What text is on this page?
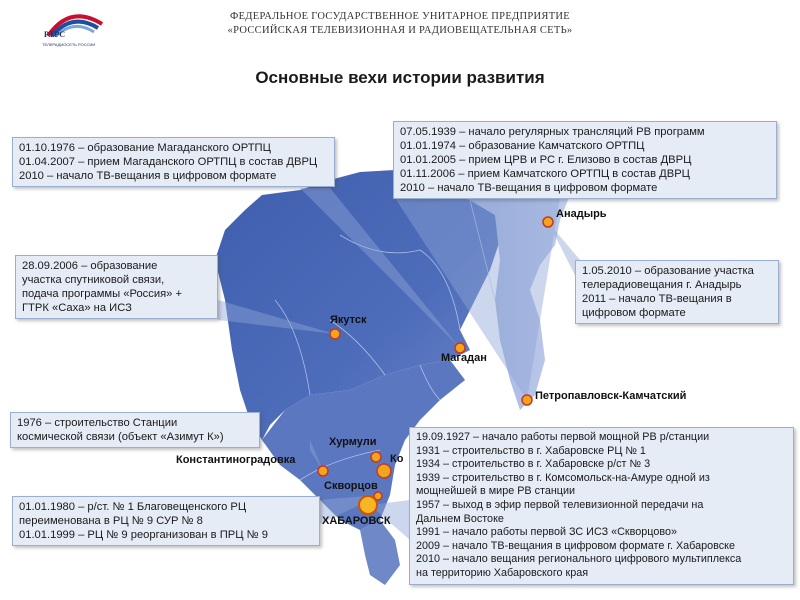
РТРС
ТЕЛЕРАДИОСЕТЬ РОССИИ
ФЕДЕРАЛЬНОЕ ГОСУДАРСТВЕННОЕ УНИТАРНОЕ ПРЕДПРИЯТИЕ
«РОССИЙСКАЯ ТЕЛЕВИЗИОННАЯ И РАДИОВЕЩАТЕЛЬНАЯ СЕТЬ»
Основные вехи истории развития
Анадырь
Якутск
Магадан
Петропавловск-Камчатский
Хурмули
Ко
Константиноградовка
Скворцов
ХАБАРОВСК
01.10.1976 – образование Магаданского ОРТПЦ
01.04.2007 – прием Магаданского ОРТПЦ в состав ДВРЦ
2010 – начало ТВ-вещания в цифровом формате
07.05.1939 – начало регулярных трансляций РВ программ
01.01.1974 – образование Камчатского ОРТПЦ
01.01.2005 – прием ЦРВ и РС г. Елизово в состав ДВРЦ
01.11.2006 – прием Камчатского ОРТПЦ в состав ДВРЦ
2010 – начало ТВ-вещания в цифровом формате
28.09.2006 – образование
участка спутниковой связи,
подача программы «Россия» +
ГТРК «Саха» на ИСЗ
1.05.2010 – образование участка
телерадиовещания г. Анадырь
2011 – начало ТВ-вещания в
цифровом формате
1976 – строительство Станции
космической связи (объект «Азимут К»)
01.01.1980 – р/ст. № 1 Благовещенского РЦ
переименована в РЦ № 9 СУР № 8
01.01.1999 – РЦ № 9 реорганизован в ПРЦ № 9
19.09.1927 – начало работы первой мощной РВ р/станции
1931 – строительство в г. Хабаровске РЦ № 1
1934 – строительство в г. Хабаровске р/ст № 3
1939 – строительство в г. Комсомольск-на-Амуре одной из
мощнейшей в мире РВ станции
1957 – выход в эфир первой телевизионной передачи на
Дальнем Востоке
1991 – начало работы первой ЗС ИСЗ «Скворцово»
2009 – начало ТВ-вещания в цифровом формате г. Хабаровске
2010 – начало вещания регионального цифрового мультиплекса
на территорию Хабаровского края
